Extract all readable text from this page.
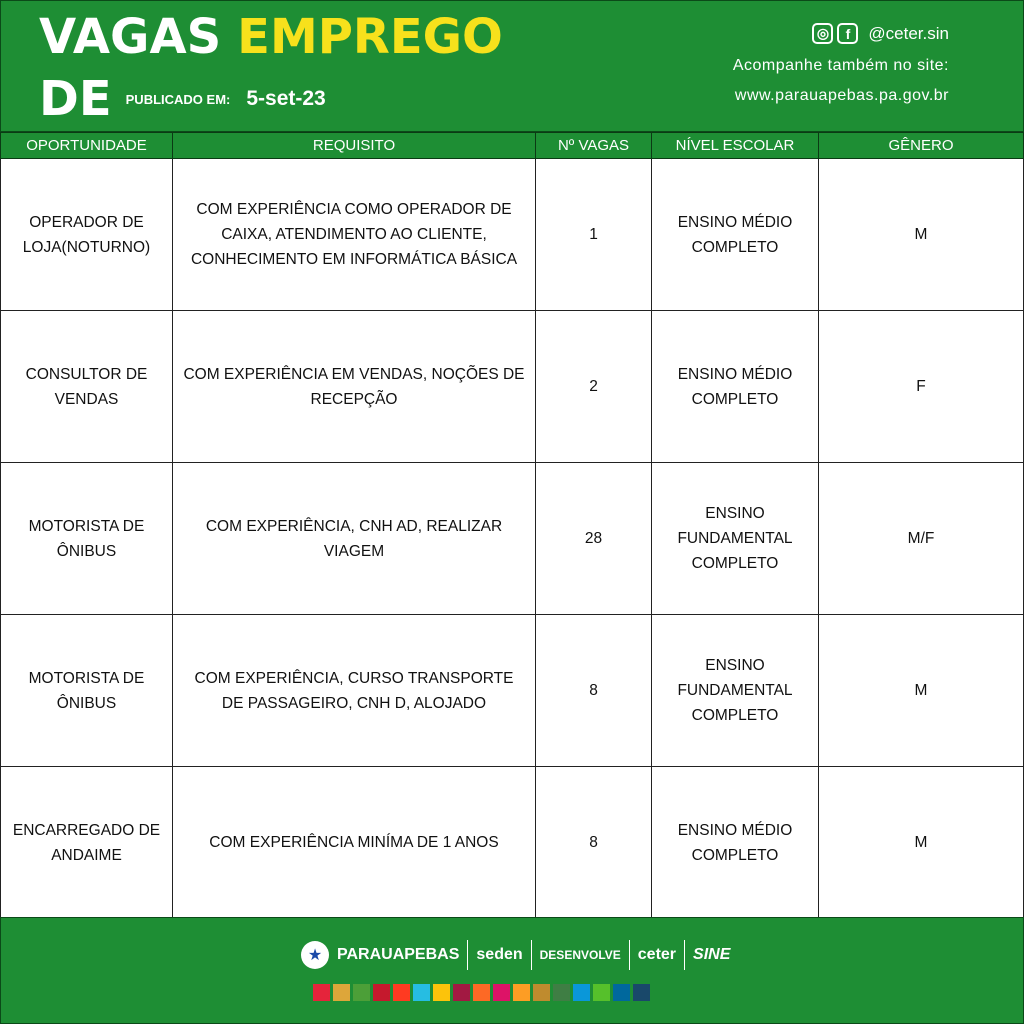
VAGAS EMPREGO
DE PUBLICADO EM: 5-set-23
◎	f	@ceter.sin
Acompanhe também no site:
www.parauapebas.pa.gov.br
OPORTUNIDADE	REQUISITO	Nº VAGAS	NÍVEL ESCOLAR	GÊNERO
OPERADOR DE LOJA(NOTURNO)	COM EXPERIÊNCIA COMO OPERADOR DE CAIXA, ATENDIMENTO AO CLIENTE, CONHECIMENTO EM INFORMÁTICA BÁSICA	1	ENSINO MÉDIO COMPLETO	M
CONSULTOR DE VENDAS	COM EXPERIÊNCIA EM VENDAS, NOÇÕES DE RECEPÇÃO	2	ENSINO MÉDIO COMPLETO	F
MOTORISTA DE ÔNIBUS	COM EXPERIÊNCIA, CNH AD, REALIZAR VIAGEM	28	ENSINO FUNDAMENTAL COMPLETO	M/F
MOTORISTA DE ÔNIBUS	COM EXPERIÊNCIA, CURSO TRANSPORTE DE PASSAGEIRO, CNH D, ALOJADO	8	ENSINO FUNDAMENTAL COMPLETO	M
ENCARREGADO DE ANDAIME	COM EXPERIÊNCIA MINÍMA DE 1 ANOS	8	ENSINO MÉDIO COMPLETO	M
★ PARAUAPEBAS seden DESENVOLVE ceter SINE
